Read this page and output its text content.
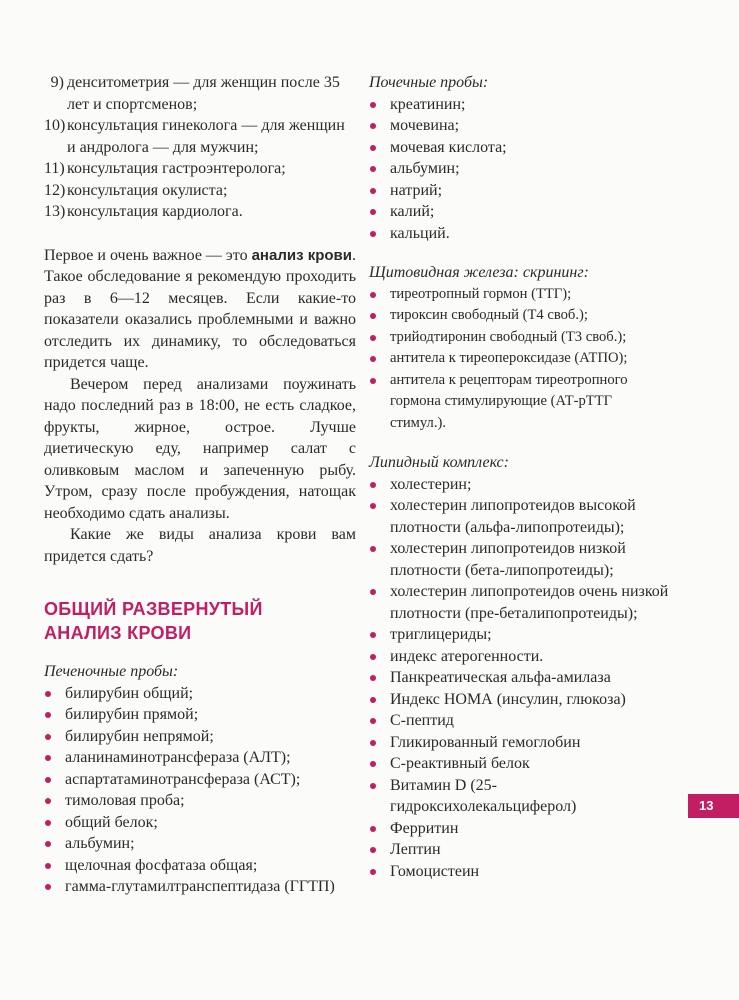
9) денситометрия — для женщин после 35 лет и спортсменов;
10) консультация гинеколога — для женщин и андролога — для мужчин;
11) консультация гастроэнтеролога;
12) консультация окулиста;
13) консультация кардиолога.

Первое и очень важное — это анализ крови. Такое обследование я рекомендую проходить раз в 6—12 месяцев. Если какие-то показатели оказались проблемными и важно отследить их динамику, то обследоваться придется чаще.

Вечером перед анализами поужинать надо последний раз в 18:00, не есть сладкое, фрукты, жирное, острое. Лучше диетическую еду, например салат с оливковым маслом и запеченную рыбу. Утром, сразу после пробуждения, натощак необходимо сдать анализы.

Какие же виды анализа крови вам придется сдать?

ОБЩИЙ РАЗВЕРНУТЫЙ
АНАЛИЗ КРОВИ

Печеночные пробы:

билирубин общий;
билирубин прямой;
билирубин непрямой;
аланинаминотрансфераза (АЛТ);
аспартатаминотрансфераза (АСТ);
тимоловая проба;
общий белок;
альбумин;
щелочная фосфатаза общая;
гамма-глутамилтранспептидаза (ГГТП)

Почечные пробы:

креатинин;
мочевина;
мочевая кислота;
альбумин;
натрий;
калий;
кальций.

Щитовидная железа: скрининг:

тиреотропный гормон (ТТГ);
тироксин свободный (Т4 своб.);
трийодтиронин свободный (Т3 своб.);
антитела к тиреопероксидазе (АТПО);
антитела к рецепторам тиреотропного гормона стимулирующие (АТ-рТТГ стимул.).

Липидный комплекс:

холестерин;
холестерин липопротеидов высокой плотности (альфа-липопротеиды);
холестерин липопротеидов низкой плотности (бета-липопротеиды);
холестерин липопротеидов очень низкой плотности (пре-беталипопротеиды);
триглицериды;
индекс атерогенности.
Панкреатическая альфа-амилаза
Индекс НОМА (инсулин, глюкоза)
С-пептид
Гликированный гемоглобин
С-реактивный белок
Витамин D (25-гидроксихолекальциферол)
Ферритин
Лептин
Гомоцистеин
13
